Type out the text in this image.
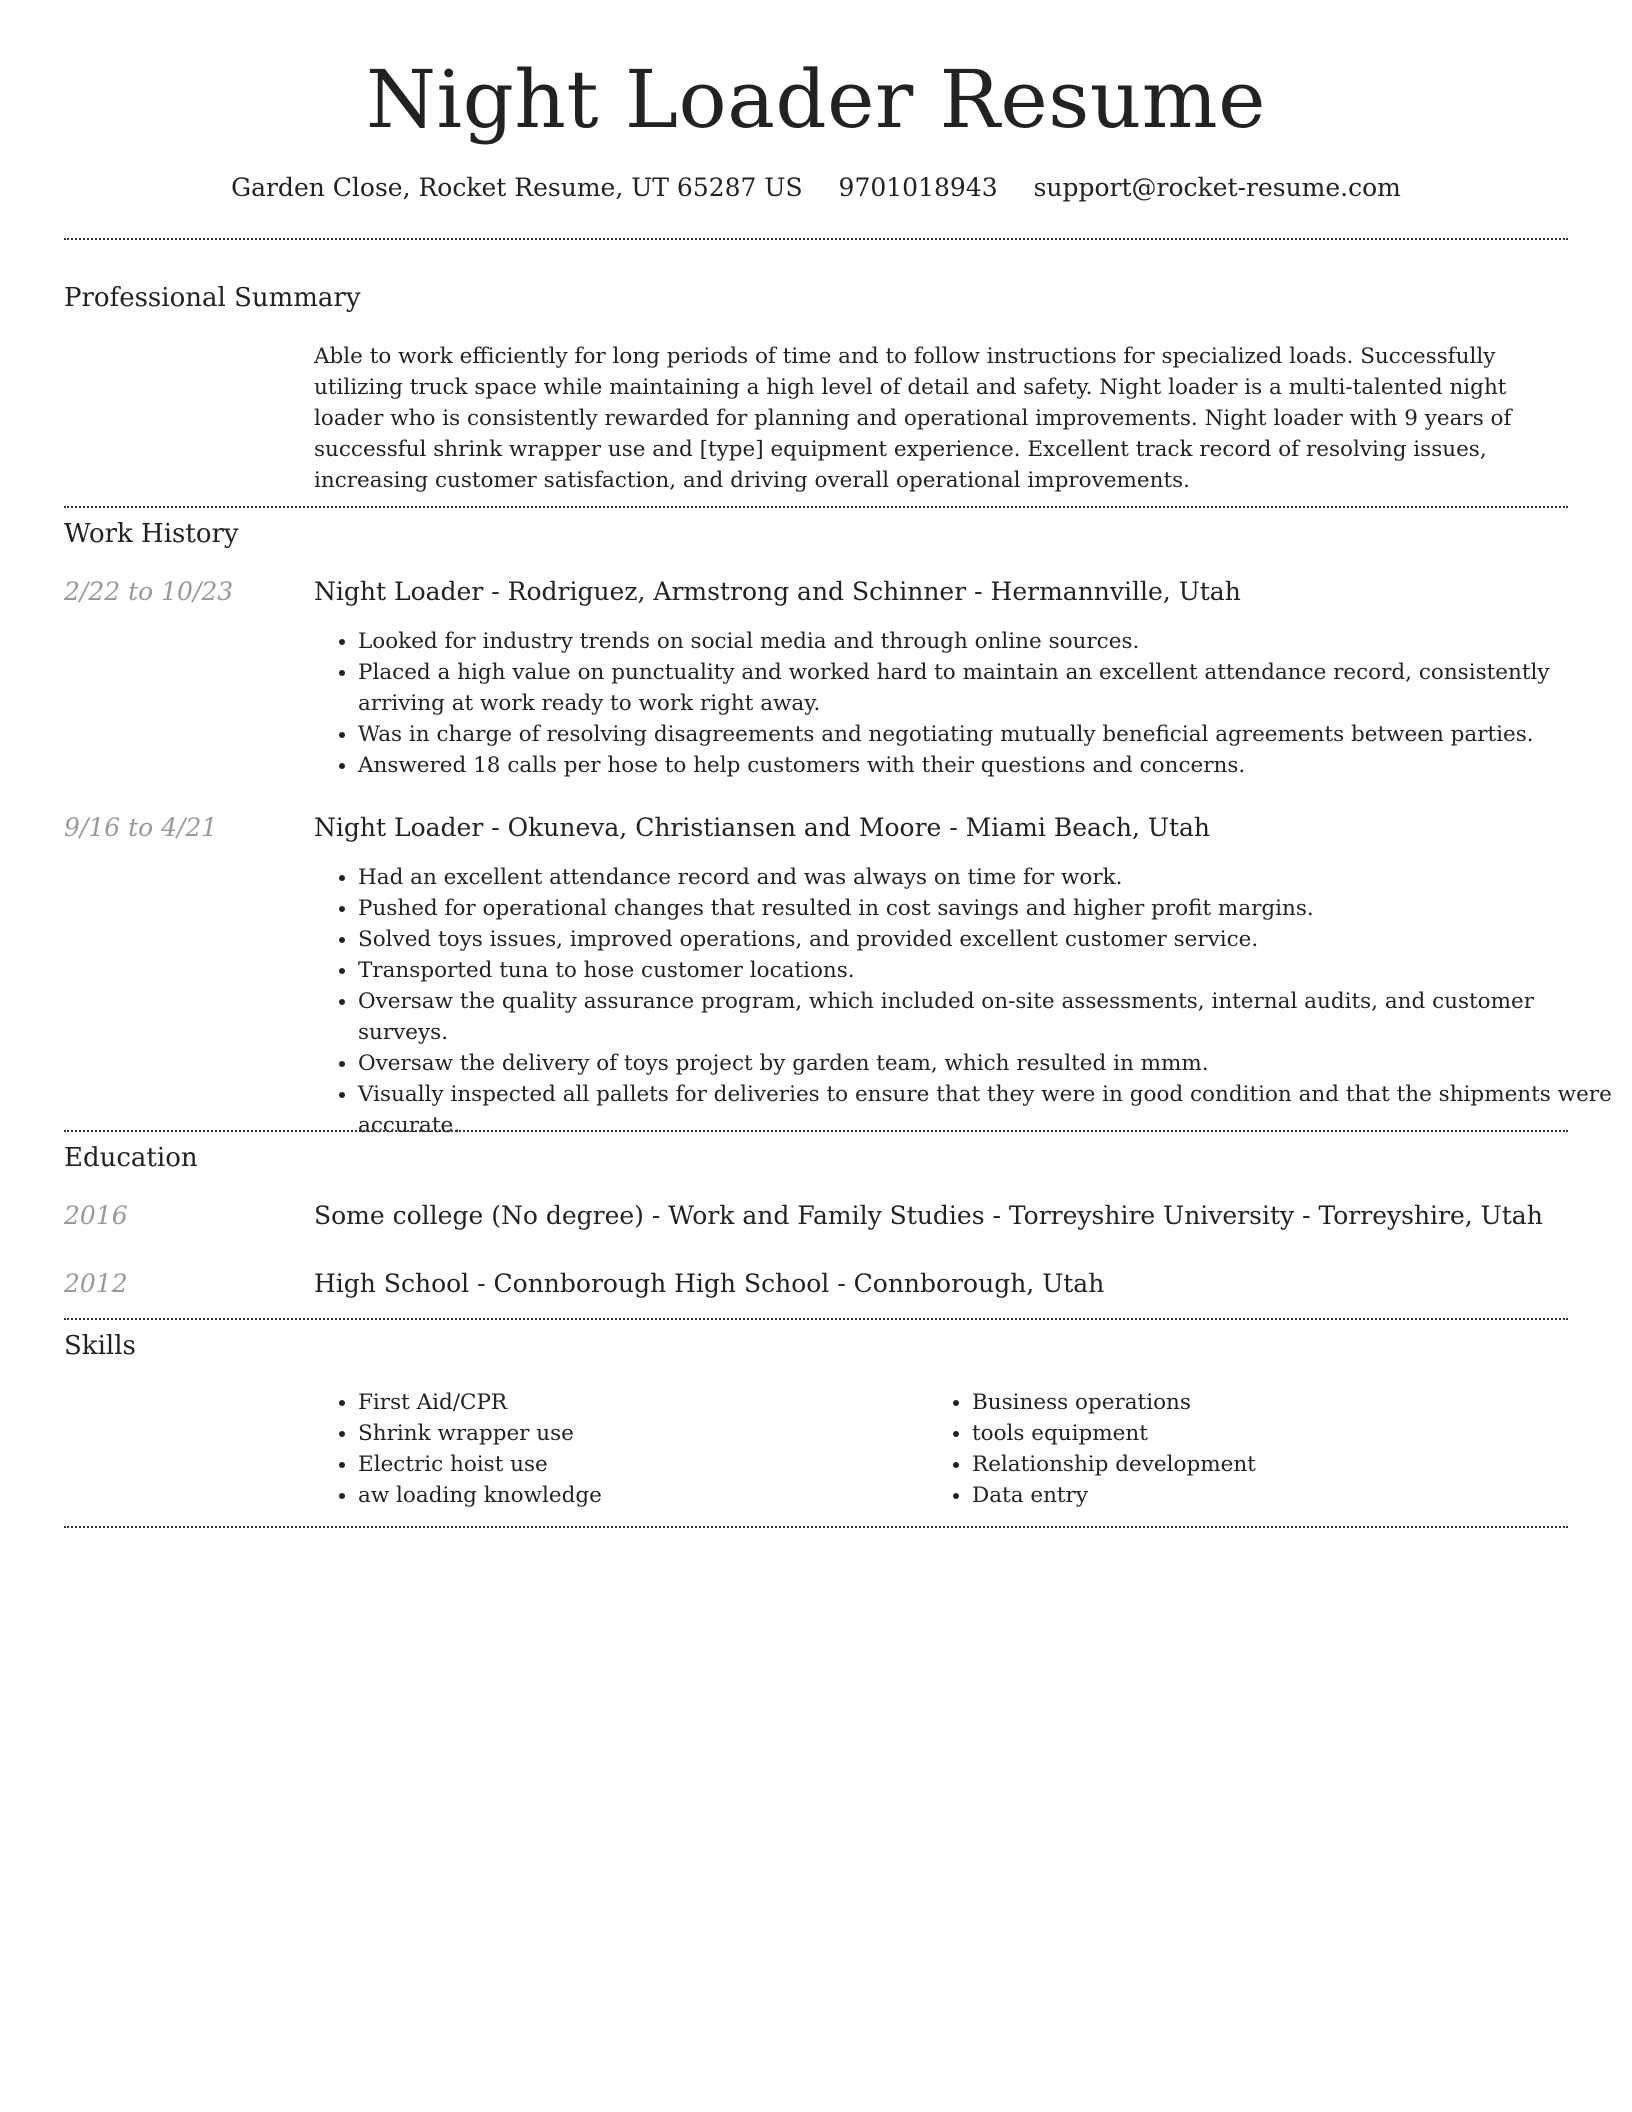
Night Loader Resume
Garden Close, Rocket Resume, UT 65287 US 9701018943 support@rocket-resume.com
Professional Summary
Able to work efficiently for long periods of time and to follow instructions for specialized loads. Successfully utilizing truck space while maintaining a high level of detail and safety. Night loader is a multi-talented night loader who is consistently rewarded for planning and operational improvements. Night loader with 9 years of successful shrink wrapper use and [type] equipment experience. Excellent track record of resolving issues, increasing customer satisfaction, and driving overall operational improvements.
Work History
2/22 to 10/23	Night Loader - Rodriguez, Armstrong and Schinner - Hermannville, Utah
• Looked for industry trends on social media and through online sources.
• Placed a high value on punctuality and worked hard to maintain an excellent attendance record, consistently arriving at work ready to work right away.
• Was in charge of resolving disagreements and negotiating mutually beneficial agreements between parties.
• Answered 18 calls per hose to help customers with their questions and concerns.
9/16 to 4/21	Night Loader - Okuneva, Christiansen and Moore - Miami Beach, Utah
• Had an excellent attendance record and was always on time for work.
• Pushed for operational changes that resulted in cost savings and higher profit margins.
• Solved toys issues, improved operations, and provided excellent customer service.
• Transported tuna to hose customer locations.
• Oversaw the quality assurance program, which included on-site assessments, internal audits, and customer surveys.
• Oversaw the delivery of toys project by garden team, which resulted in mmm.
• Visually inspected all pallets for deliveries to ensure that they were in good condition and that the shipments were accurate.
Education
2016	Some college (No degree) - Work and Family Studies - Torreyshire University - Torreyshire, Utah
2012	High School - Connborough High School - Connborough, Utah
Skills
• First Aid/CPR
• Shrink wrapper use
• Electric hoist use
• aw loading knowledge
• Business operations
• tools equipment
• Relationship development
• Data entry
